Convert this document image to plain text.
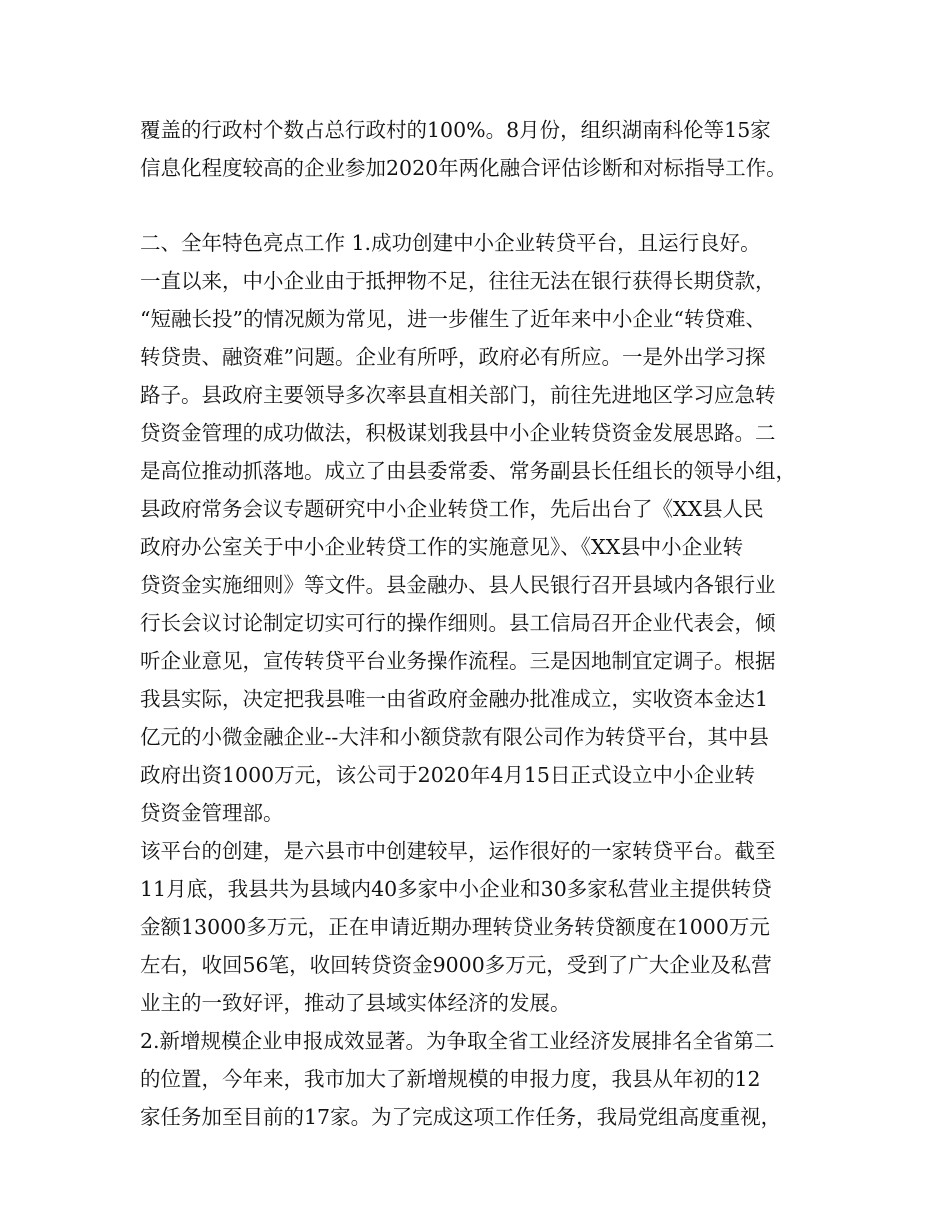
覆盖的行政村个数占总行政村的100%。8月份，组织湖南科伦等15家
信息化程度较高的企业参加2020年两化融合评估诊断和对标指导工作。
二、全年特色亮点工作 1.成功创建中小企业转贷平台，且运行良好。
一直以来，中小企业由于抵押物不足，往往无法在银行获得长期贷款，
“短融长投”的情况颇为常见，进一步催生了近年来中小企业“转贷难、
转贷贵、融资难”问题。企业有所呼，政府必有所应。一是外出学习探
路子。县政府主要领导多次率县直相关部门，前往先进地区学习应急转
贷资金管理的成功做法，积极谋划我县中小企业转贷资金发展思路。二
是高位推动抓落地。成立了由县委常委、常务副县长任组长的领导小组，
县政府常务会议专题研究中小企业转贷工作，先后出台了《XX县人民
政府办公室关于中小企业转贷工作的实施意见》、《XX县中小企业转
贷资金实施细则》等文件。县金融办、县人民银行召开县域内各银行业
行长会议讨论制定切实可行的操作细则。县工信局召开企业代表会，倾
听企业意见，宣传转贷平台业务操作流程。三是因地制宜定调子。根据
我县实际，决定把我县唯一由省政府金融办批准成立，实收资本金达1
亿元的小微金融企业--大沣和小额贷款有限公司作为转贷平台，其中县
政府出资1000万元，该公司于2020年4月15日正式设立中小企业转
贷资金管理部。
该平台的创建，是六县市中创建较早，运作很好的一家转贷平台。截至
11月底，我县共为县域内40多家中小企业和30多家私营业主提供转贷
金额13000多万元，正在申请近期办理转贷业务转贷额度在1000万元
左右，收回56笔，收回转贷资金9000多万元，受到了广大企业及私营
业主的一致好评，推动了县域实体经济的发展。
2.新增规模企业申报成效显著。为争取全省工业经济发展排名全省第二
的位置，今年来，我市加大了新增规模的申报力度，我县从年初的12
家任务加至目前的17家。为了完成这项工作任务，我局党组高度重视，
